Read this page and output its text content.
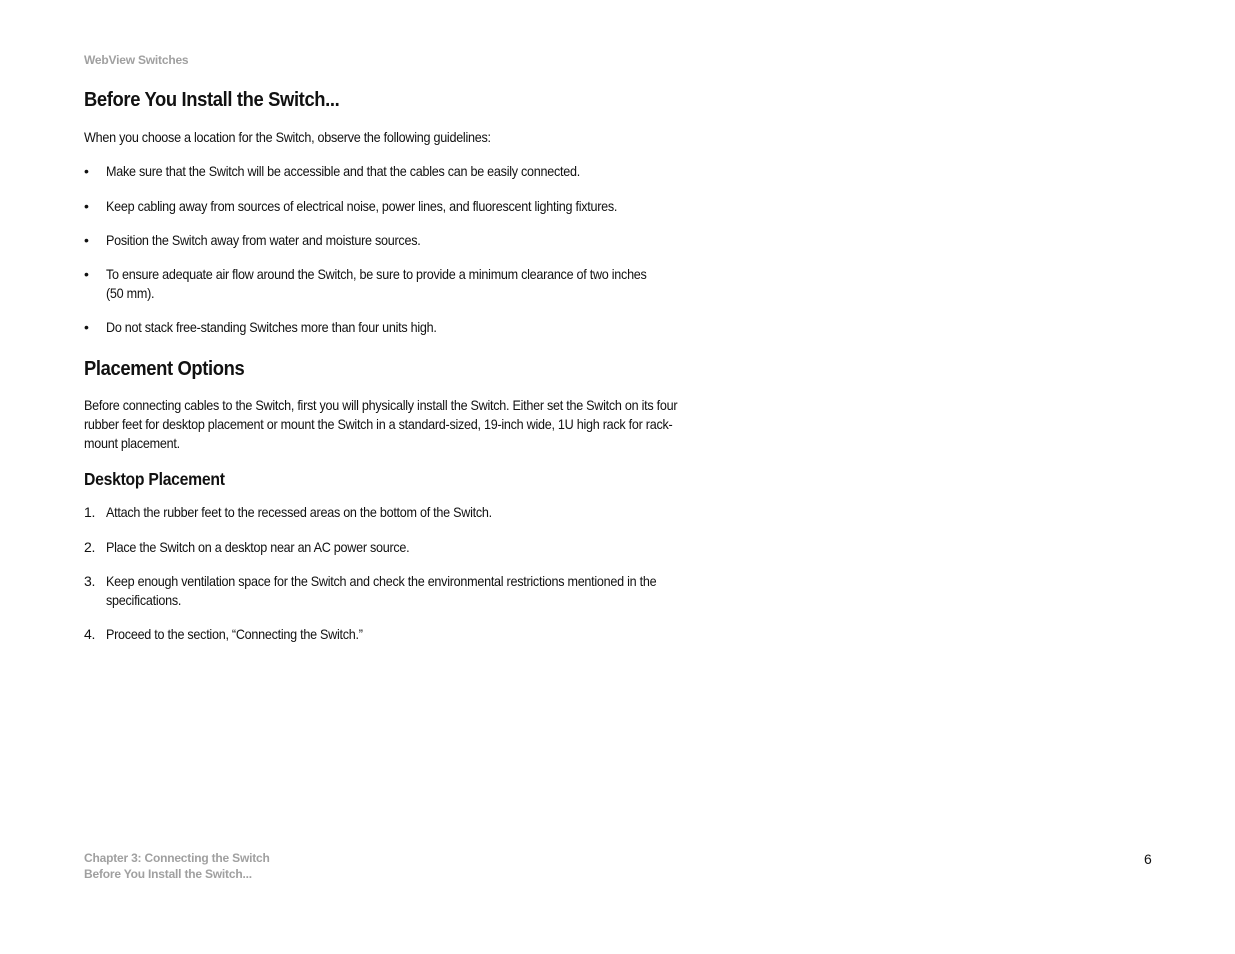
WebView Switches
Before You Install the Switch...

When you choose a location for the Switch, observe the following guidelines:

• Make sure that the Switch will be accessible and that the cables can be easily connected.
• Keep cabling away from sources of electrical noise, power lines, and fluorescent lighting fixtures.
• Position the Switch away from water and moisture sources.
• To ensure adequate air flow around the Switch, be sure to provide a minimum clearance of two inches
(50 mm).
• Do not stack free-standing Switches more than four units high.
Placement Options

Before connecting cables to the Switch, first you will physically install the Switch. Either set the Switch on its four
rubber feet for desktop placement or mount the Switch in a standard-sized, 19-inch wide, 1U high rack for rack-
mount placement.

Desktop Placement
1. Attach the rubber feet to the recessed areas on the bottom of the Switch.
2. Place the Switch on a desktop near an AC power source.
3. Keep enough ventilation space for the Switch and check the environmental restrictions mentioned in the
specifications.
4. Proceed to the section, “Connecting the Switch.”
Chapter 3: Connecting the Switch
Before You Install the Switch...
6
